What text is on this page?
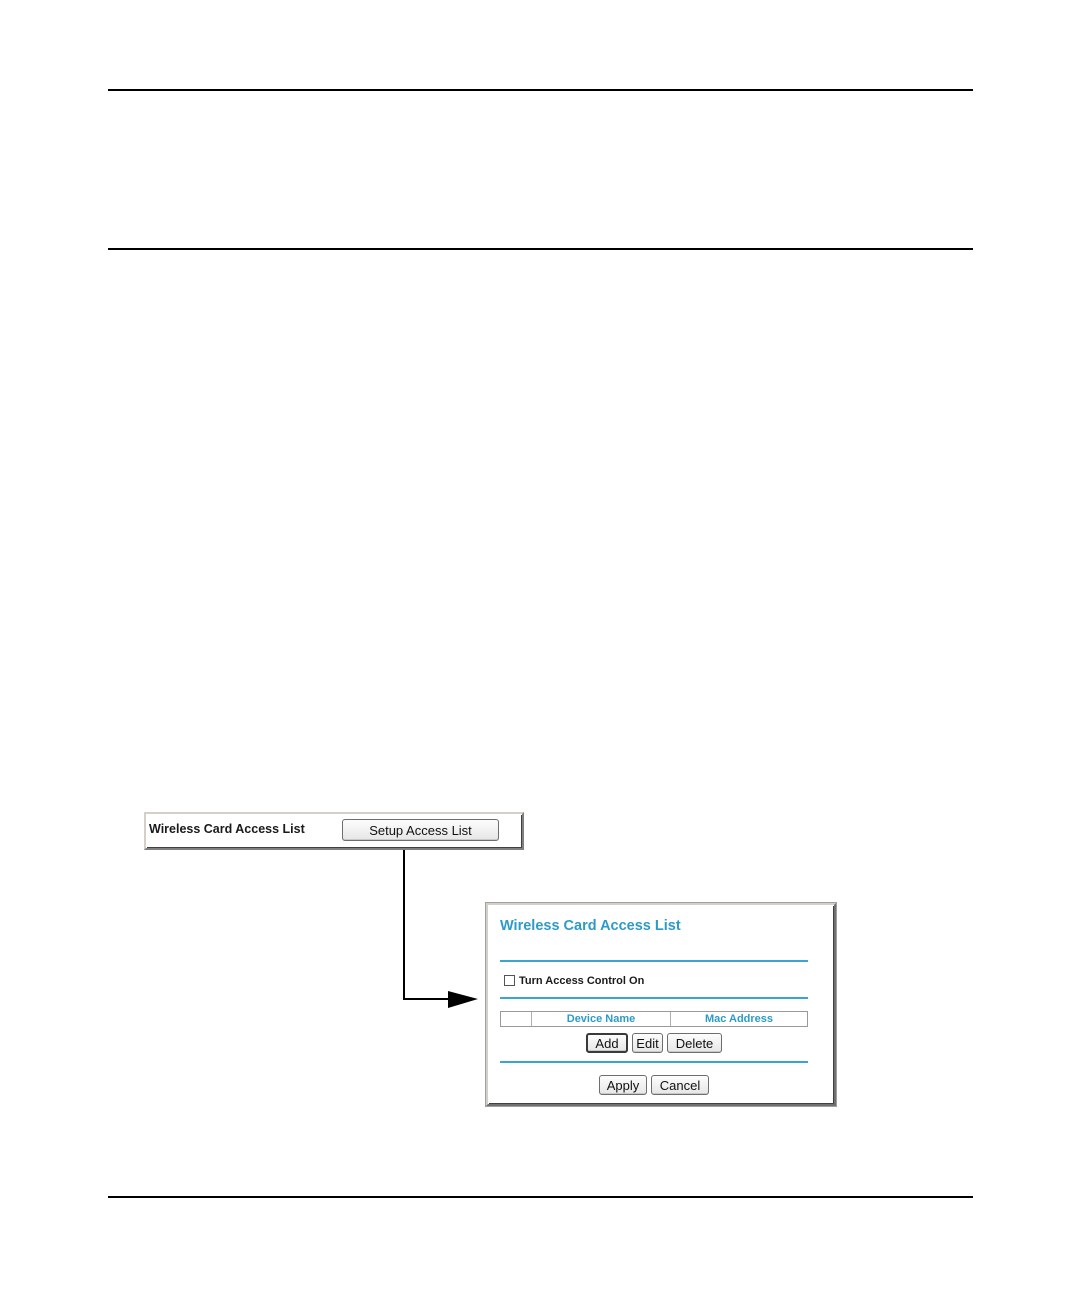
Wireless Card Access List	Setup Access List
Wireless Card Access List
Turn Access Control On
Device Name	Mac Address
Add	Edit	Delete
Apply	Cancel
